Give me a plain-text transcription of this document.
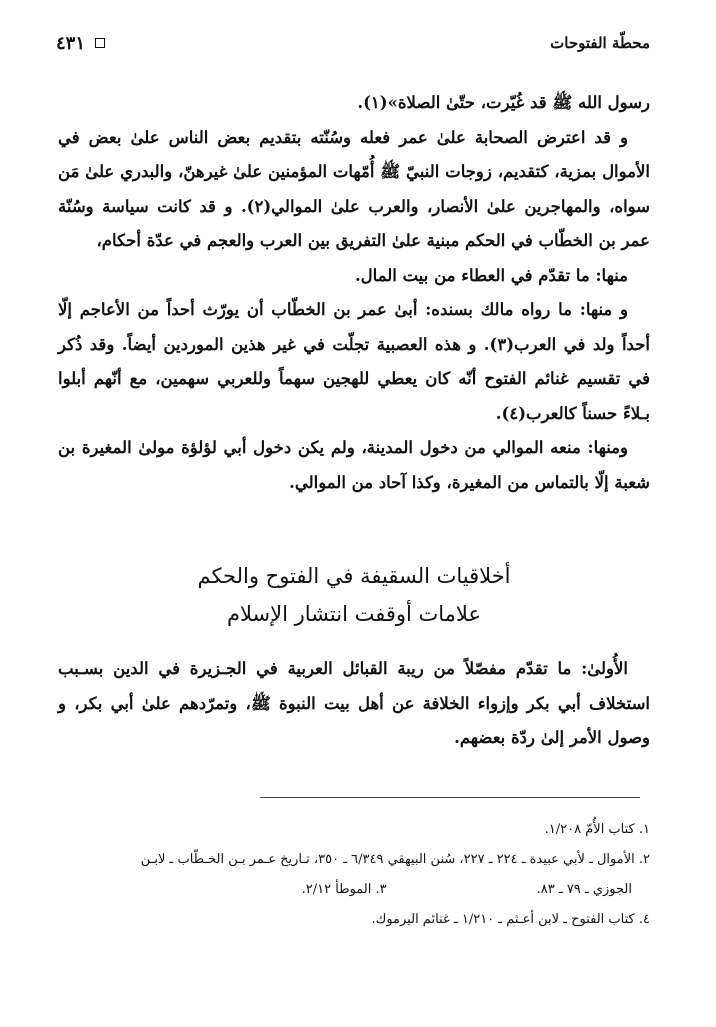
محطّة الفتوحات
٤٣١

رسول الله ﷺ قد غُيّرت، حتّىٰ الصلاة»(١).

و قد اعترض الصحابة علىٰ عمر فعله وسُنّته بتقديم بعض الناس علىٰ بعض في الأموال بمزية، كتقديم، زوجات النبيّ ﷺ أُمّهات المؤمنين علىٰ غيرهنّ، والبدري علىٰ مَن سواه، والمهاجرين علىٰ الأنصار، والعرب علىٰ الموالي(٢). و قد كانت سياسة وسُنّة عمر بن الخطّاب في الحكم مبنية علىٰ التفريق بين العرب والعجم في عدّة أحكام،

منها: ما تقدّم في العطاء من بيت المال.

و منها: ما رواه مالك بسنده: أبىٰ عمر بن الخطّاب أن يورّث أحداً من الأعاجم إلّا أحداً ولد في العرب(٣). و هذه العصبية تجلّت في غير هذين الموردين أيضاً. وقد ذُكر في تقسيم غنائم الفتوح أنّه كان يعطي للهجين سهماً وللعربي سهمين، مع أنّهم أبلوا بـلاءً حسناً كالعرب(٤).

ومنها: منعه الموالي من دخول المدينة، ولم يكن دخول أبي لؤلؤة مولىٰ المغيرة بن شعبة إلّا بالتماس من المغيرة، وكذا آحاد من الموالي.

أخلاقيات السقيفة في الفتوح والحكم
علامات أوقفت انتشار الإسلام

الأُولىٰ: ما تقدّم مفصّلاً من ريبة القبائل العربية في الجـزيرة في الدين بسـبب استخلاف أبي بكر وإزواء الخلافة عن أهل بيت النبوة ﷺ، وتمرّدهم علىٰ أبي بكر، و وصول الأمر إلىٰ ردّة بعضهم.

١. كتاب الأُمّ ١/٢٠٨.
٢. الأموال ـ لأبي عبيدة ـ ٢٢٤ ـ ٢٢٧، سُنن البيهقي ٦/٣٤٩ ـ ٣٥٠، تـاريخ عـمر بـن الخـطّاب ـ لابـن
الجوزي ـ ٧٩ ـ ٨٣.
٣. الموطأ ٢/١٢.
٤. كتاب الفتوح ـ لابن أعـثم ـ ١/٢١٠ ـ غنائم اليرموك.
